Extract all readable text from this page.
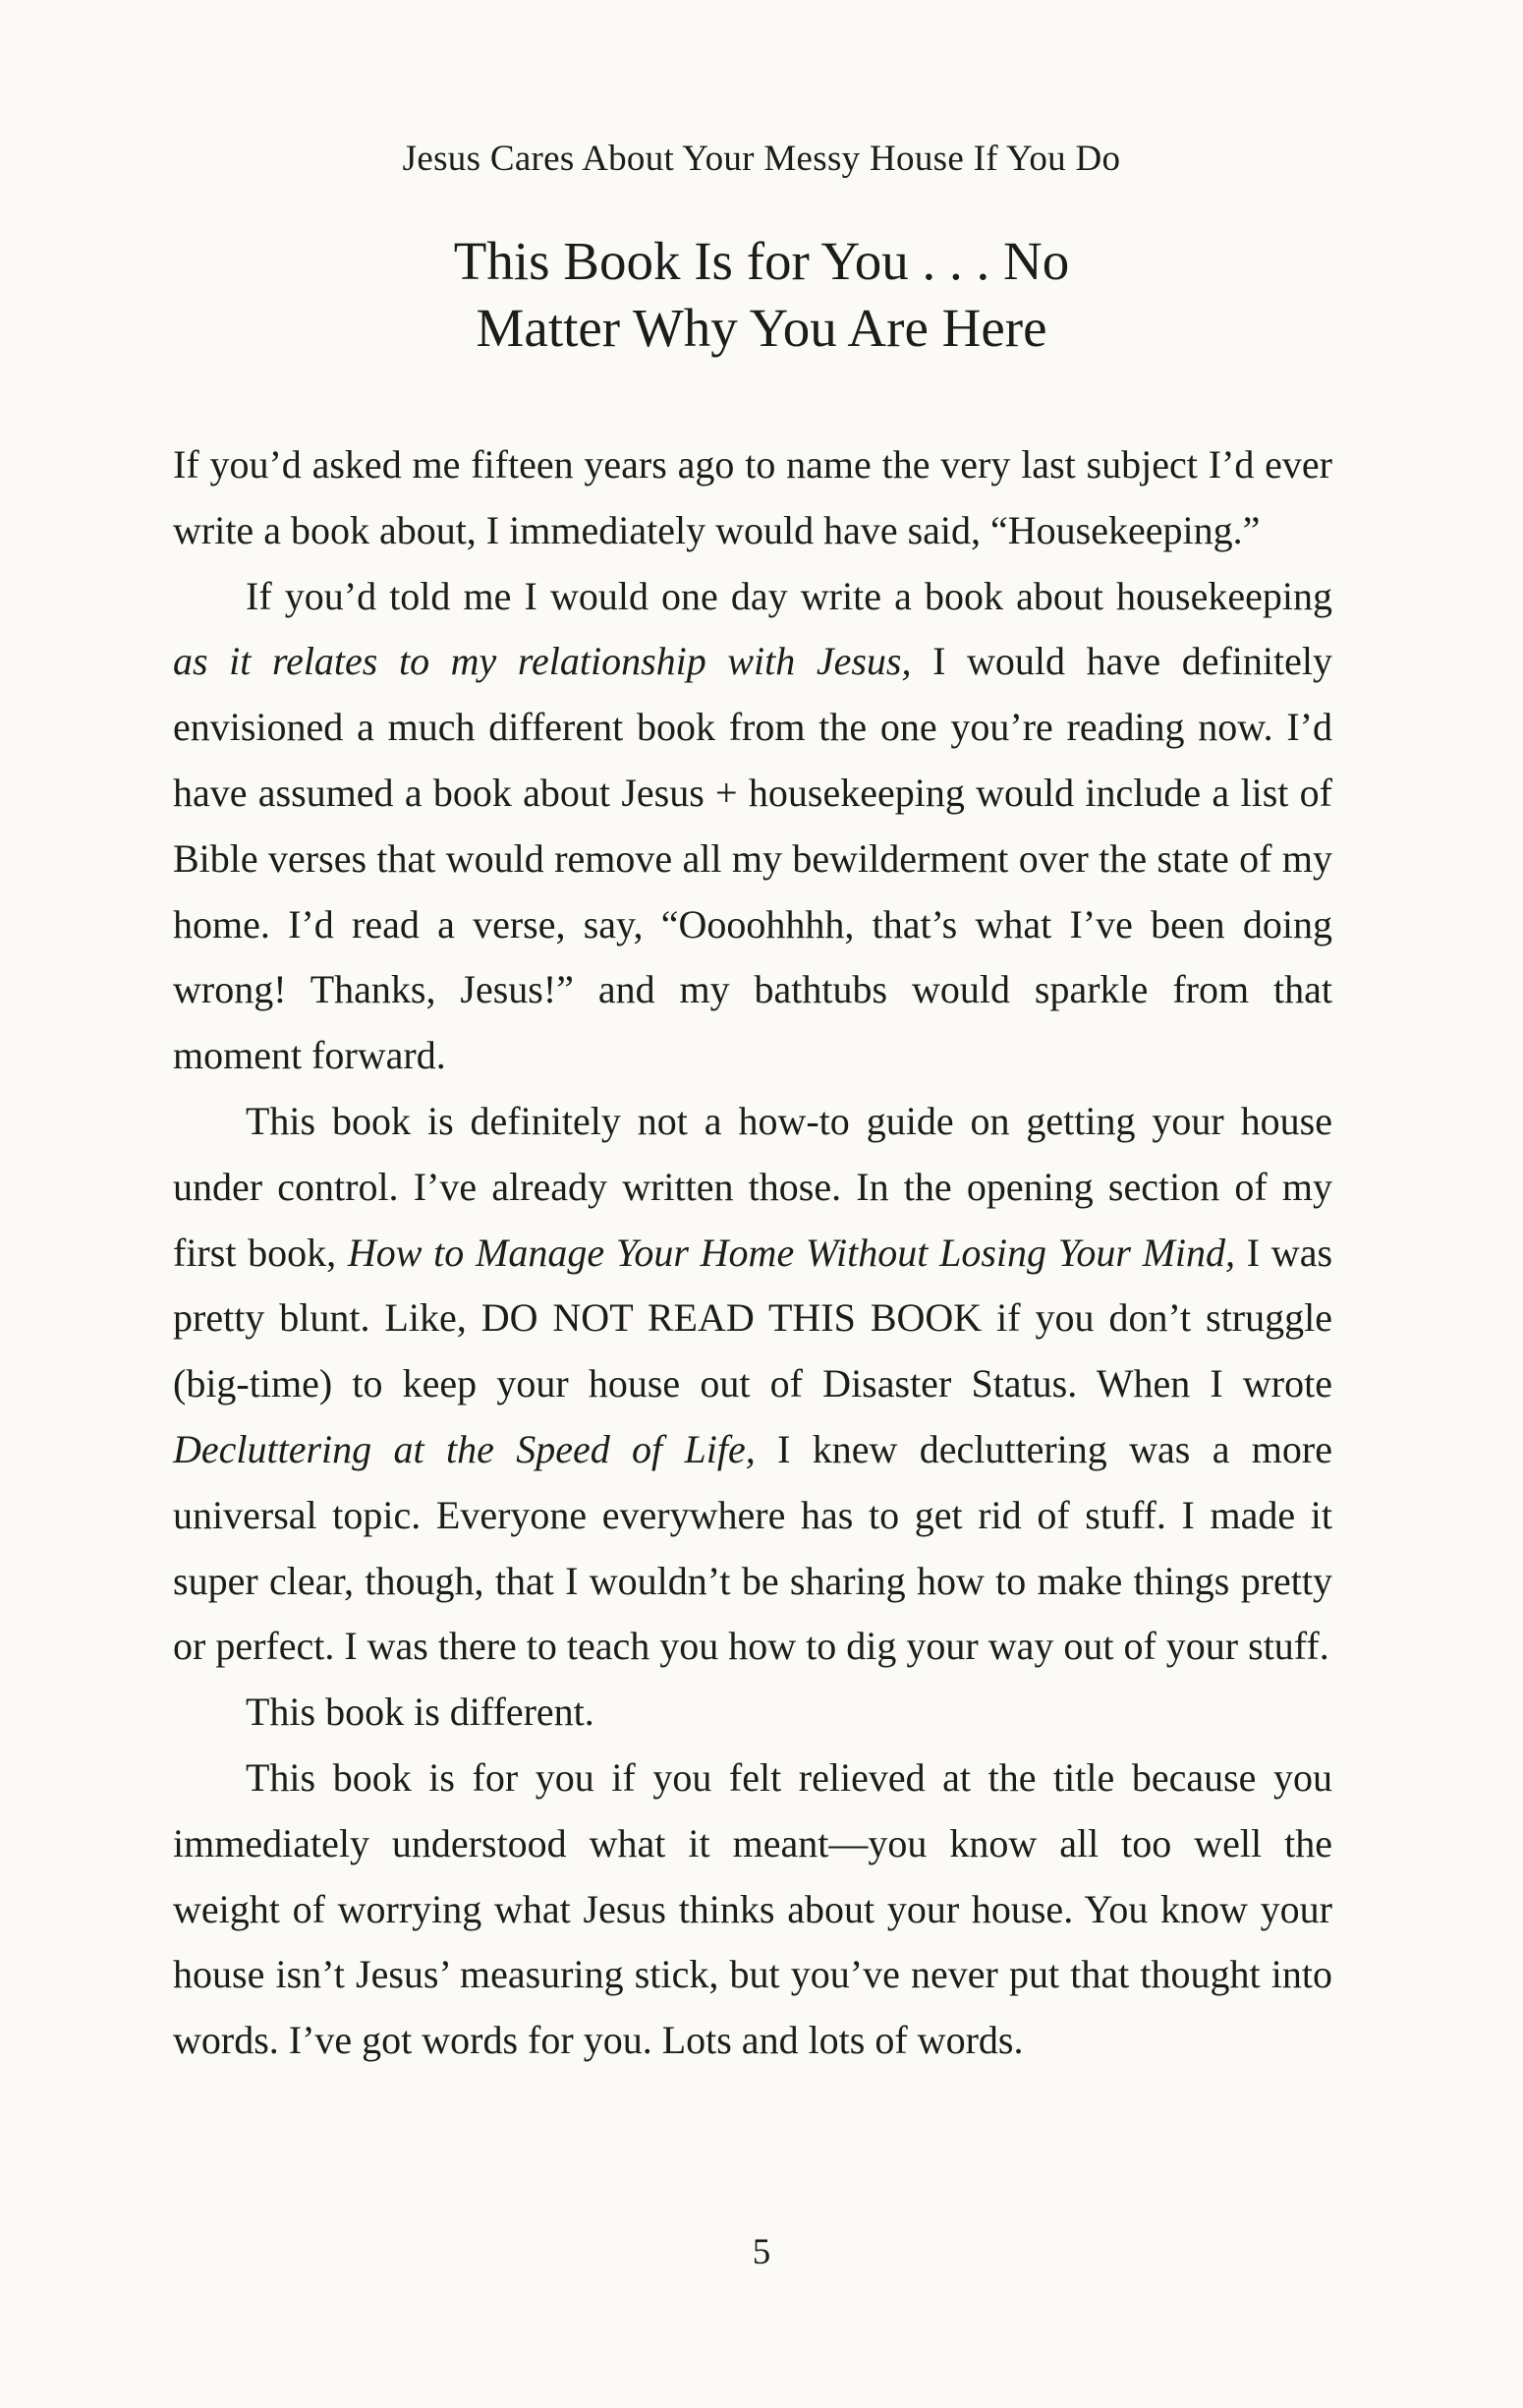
Jesus Cares About Your Messy House If You Do
This Book Is for You . . . No
Matter Why You Are Here

If you’d asked me fifteen years ago to name the very last subject I’d ever write a book about, I immediately would have said, “Housekeeping.”

If you’d told me I would one day write a book about housekeeping as it relates to my relationship with Jesus, I would have definitely envisioned a much different book from the one you’re reading now. I’d have assumed a book about Jesus + housekeeping would include a list of Bible verses that would remove all my bewilderment over the state of my home. I’d read a verse, say, “Oooohhhh, that’s what I’ve been doing wrong! Thanks, Jesus!” and my bathtubs would sparkle from that moment forward.

This book is definitely not a how-to guide on getting your house under control. I’ve already written those. In the opening section of my first book, How to Manage Your Home Without Losing Your Mind, I was pretty blunt. Like, DO NOT READ THIS BOOK if you don’t struggle (big-time) to keep your house out of Disaster Status. When I wrote Decluttering at the Speed of Life, I knew decluttering was a more universal topic. Everyone everywhere has to get rid of stuff. I made it super clear, though, that I wouldn’t be sharing how to make things pretty or perfect. I was there to teach you how to dig your way out of your stuff.

This book is different.

This book is for you if you felt relieved at the title because you immediately understood what it meant—you know all too well the weight of worrying what Jesus thinks about your house. You know your house isn’t Jesus’ measuring stick, but you’ve never put that thought into words. I’ve got words for you. Lots and lots of words.

5
